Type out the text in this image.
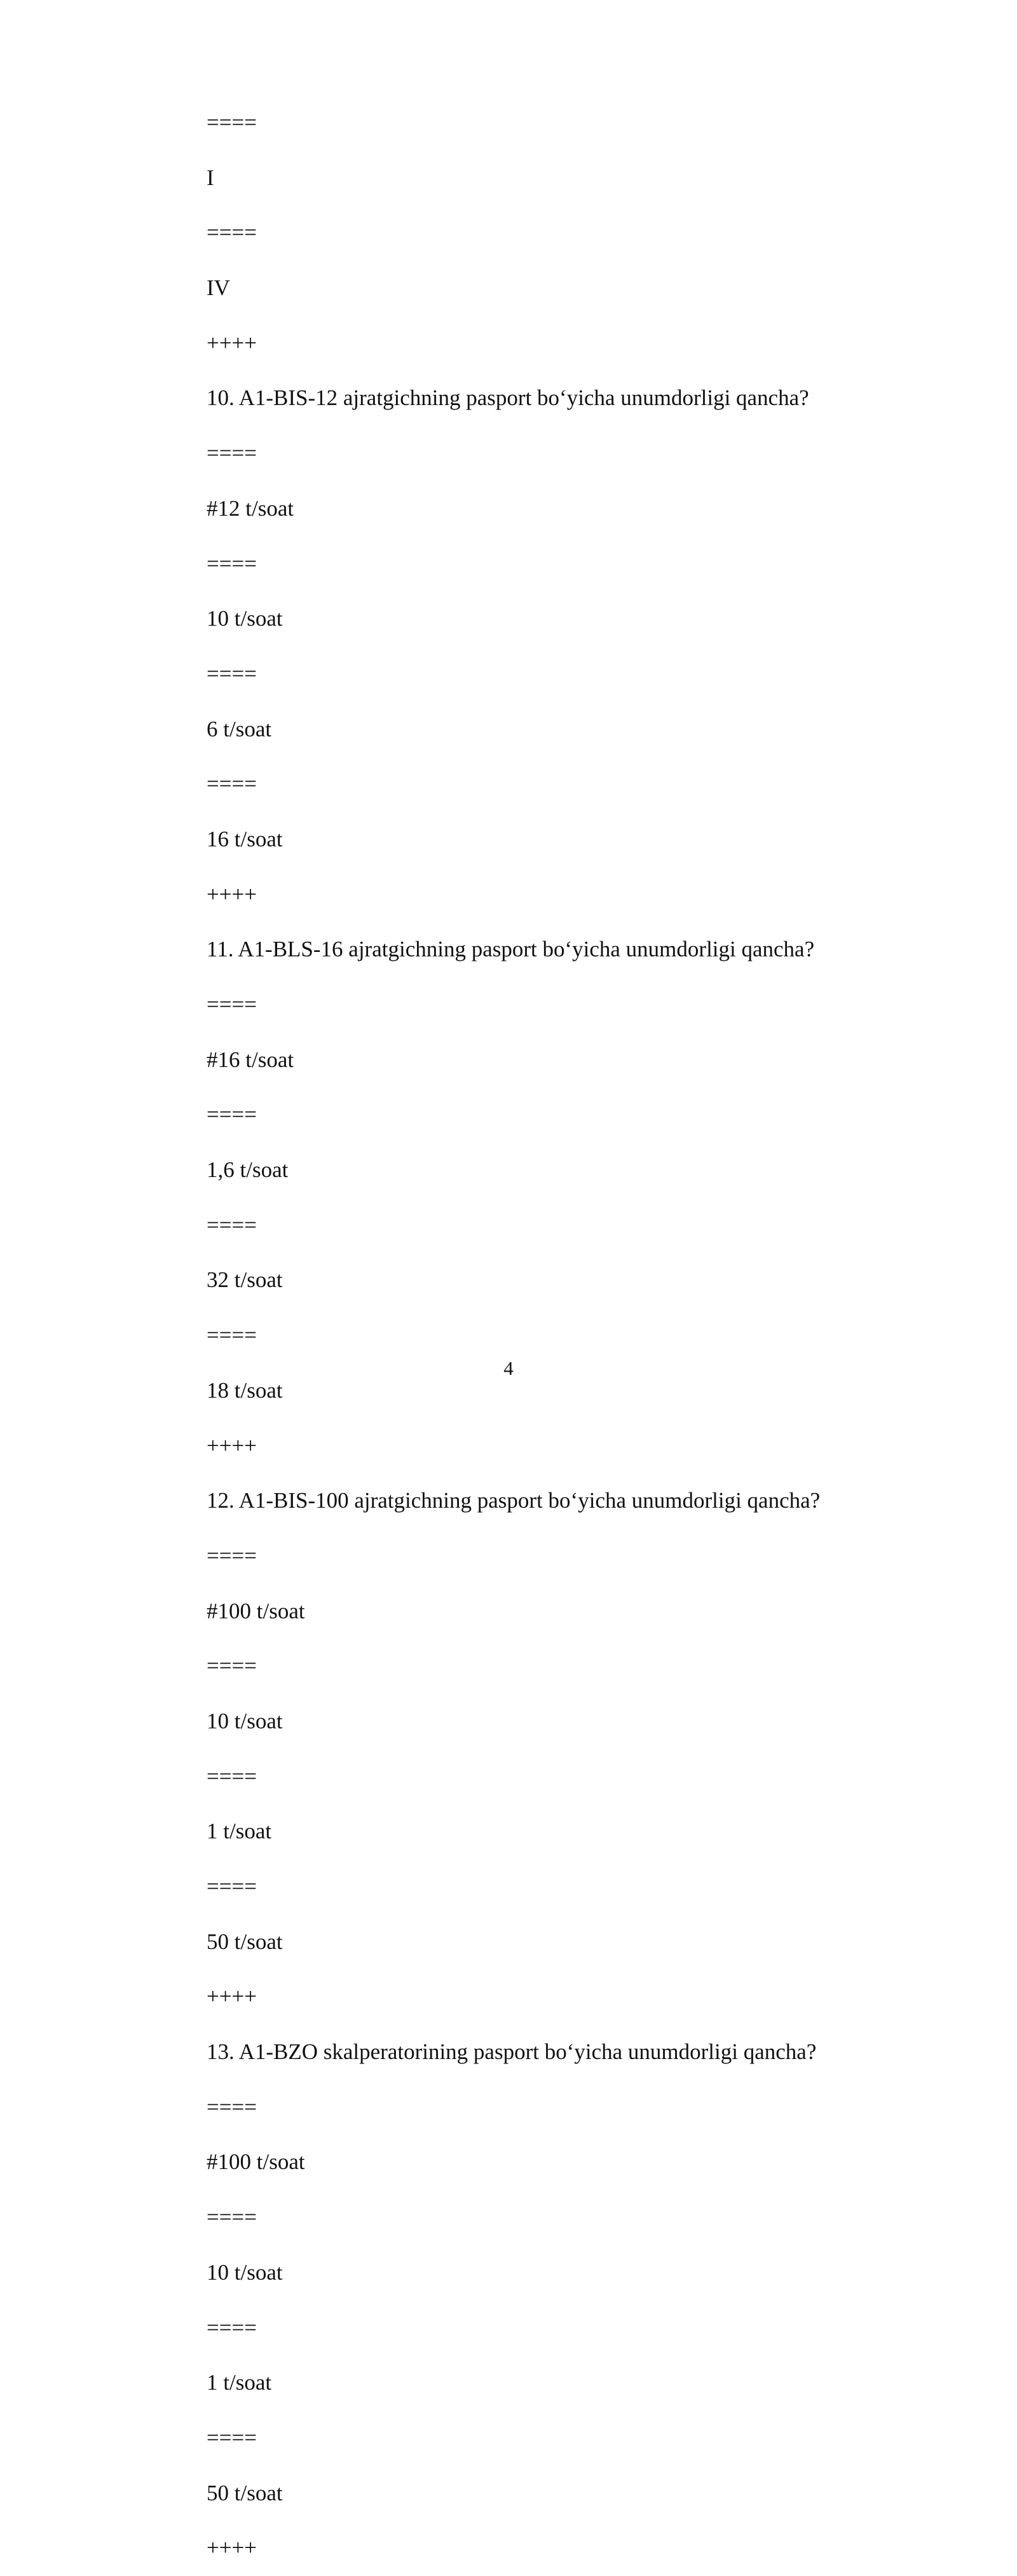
====
I
====
IV
++++
10. A1-BIS-12 ajratgichning pasport bo‘yicha unumdorligi qancha?
====
#12 t/soat
====
10 t/soat
====
6 t/soat
====
16 t/soat
++++
11. A1-BLS-16 ajratgichning pasport bo‘yicha unumdorligi qancha?
====
#16 t/soat
====
1,6 t/soat
====
32 t/soat
====
18 t/soat
++++
12. A1-BIS-100 ajratgichning pasport bo‘yicha unumdorligi qancha?
====
#100 t/soat
====
10 t/soat
====
1 t/soat
====
50 t/soat
++++
13. A1-BZO skalperatorining pasport bo‘yicha unumdorligi qancha?
====
#100 t/soat
====
10 t/soat
====
1 t/soat
====
50 t/soat
++++
4
